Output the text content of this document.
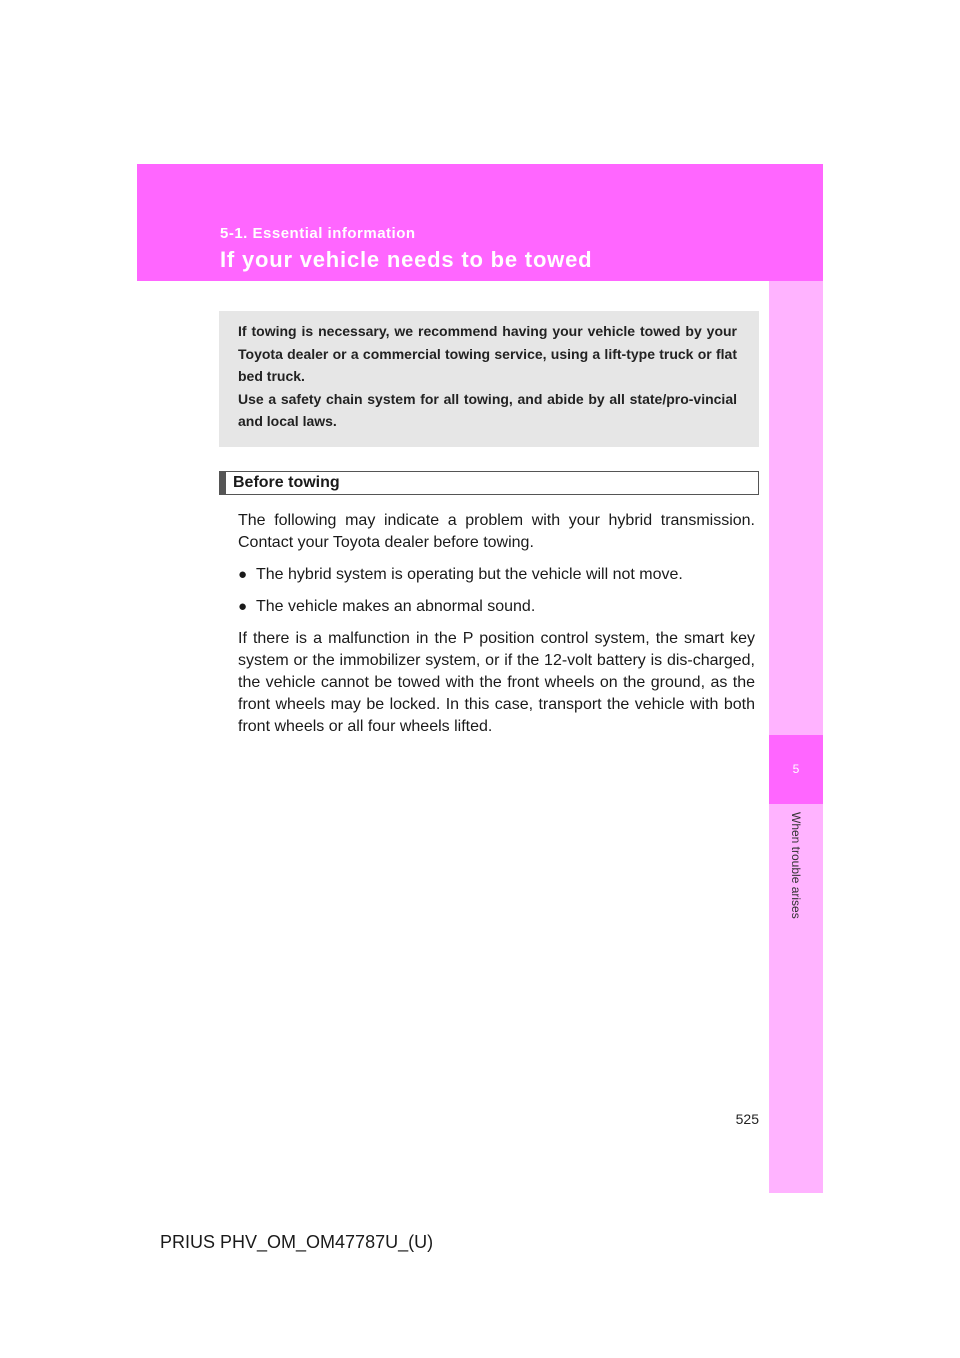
5-1. Essential information
If your vehicle needs to be towed
5
When trouble arises

If towing is necessary, we recommend having your vehicle towed by your Toyota dealer or a commercial towing service, using a lift-type truck or flat bed truck.

Use a safety chain system for all towing, and abide by all state/pro-vincial and local laws.

Before towing

The following may indicate a problem with your hybrid transmission. Contact your Toyota dealer before towing.

● The hybrid system is operating but the vehicle will not move.
● The vehicle makes an abnormal sound.

If there is a malfunction in the P position control system, the smart key system or the immobilizer system, or if the 12-volt battery is dis-charged, the vehicle cannot be towed with the front wheels on the ground, as the front wheels may be locked. In this case, transport the vehicle with both front wheels or all four wheels lifted.

525
PRIUS PHV_OM_OM47787U_(U)
